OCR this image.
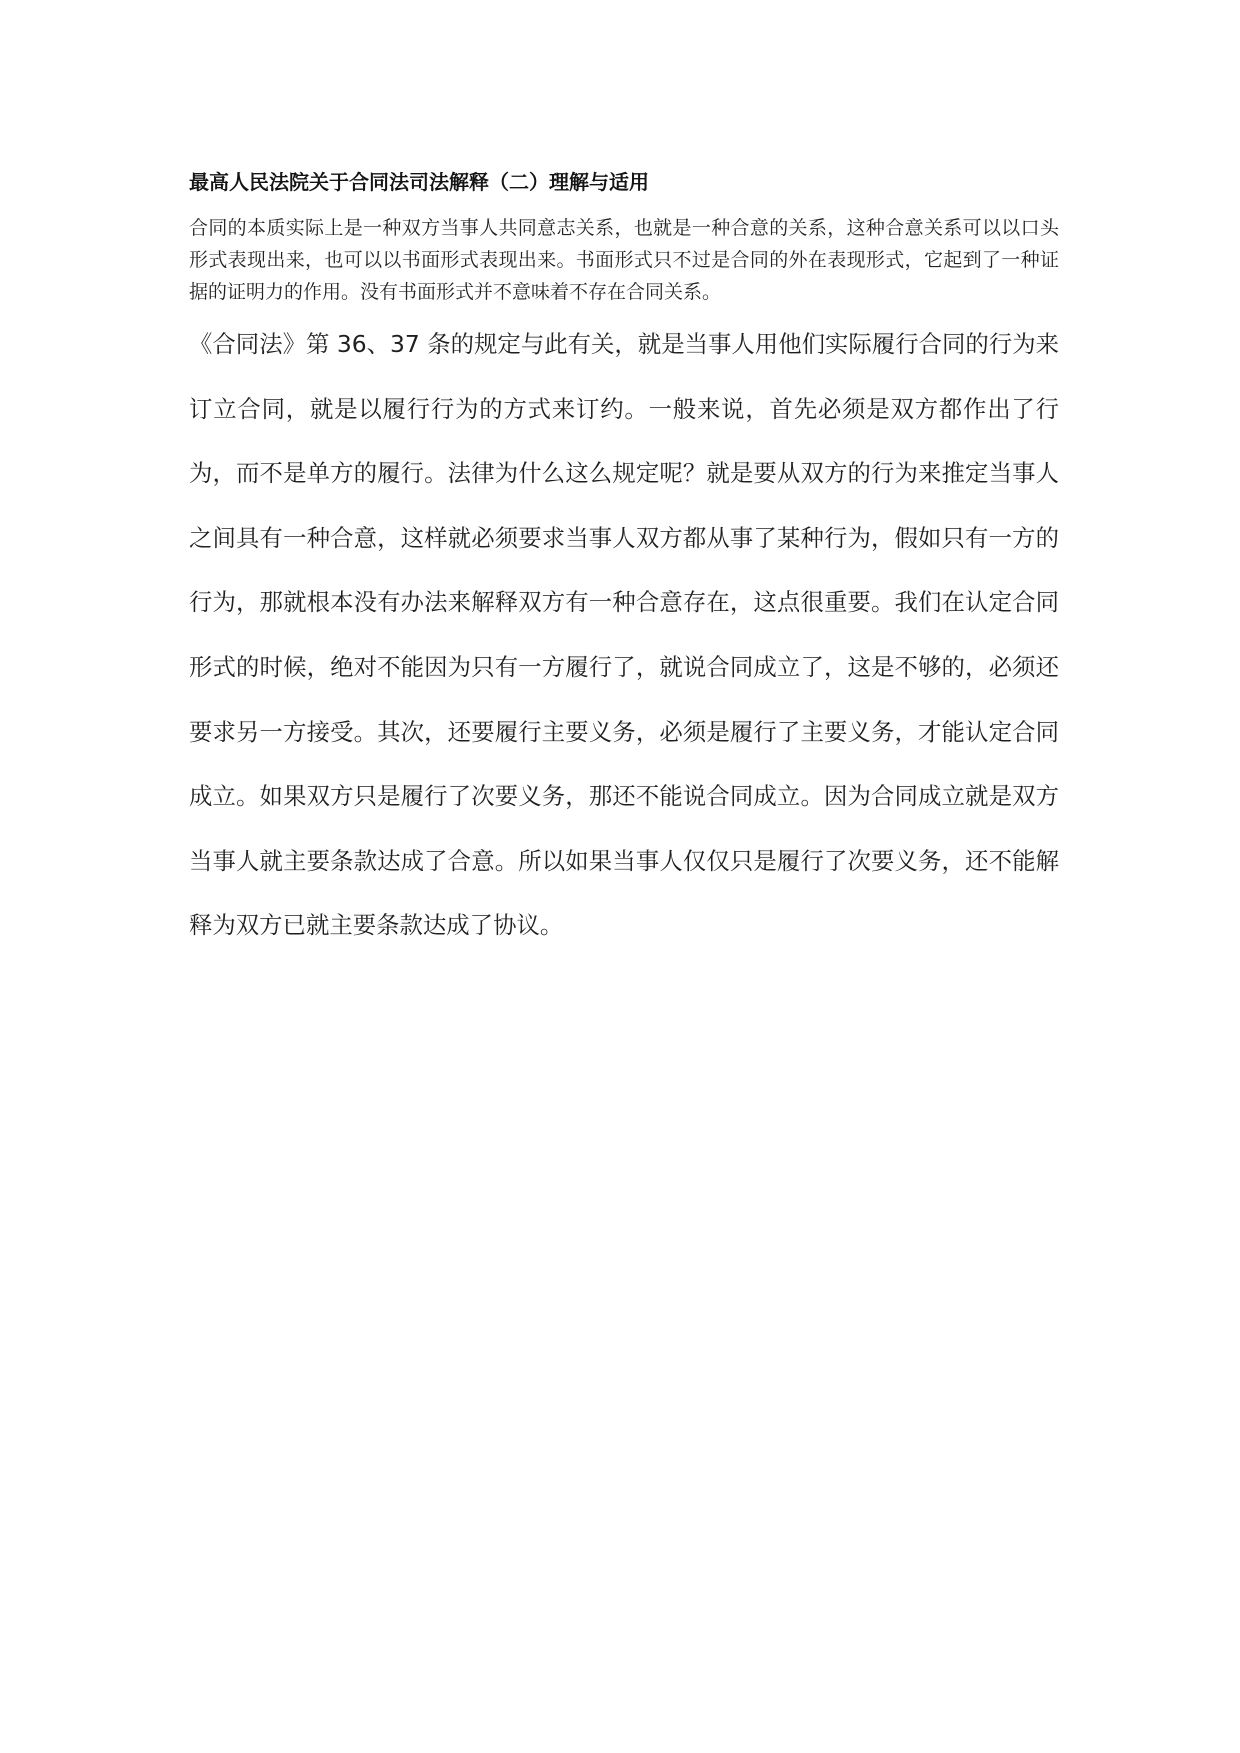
最高人民法院关于合同法司法解释（二）理解与适用

合同的本质实际上是一种双方当事人共同意志关系，也就是一种合意的关系，这种合意关系可以以口头形式表现出来，也可以以书面形式表现出来。书面形式只不过是合同的外在表现形式，它起到了一种证据的证明力的作用。没有书面形式并不意味着不存在合同关系。

《合同法》第 36、37 条的规定与此有关，就是当事人用他们实际履行合同的行为来订立合同，就是以履行行为的方式来订约。一般来说，首先必须是双方都作出了行为，而不是单方的履行。法律为什么这么规定呢？就是要从双方的行为来推定当事人之间具有一种合意，这样就必须要求当事人双方都从事了某种行为，假如只有一方的行为，那就根本没有办法来解释双方有一种合意存在，这点很重要。我们在认定合同形式的时候，绝对不能因为只有一方履行了，就说合同成立了，这是不够的，必须还要求另一方接受。其次，还要履行主要义务，必须是履行了主要义务，才能认定合同成立。如果双方只是履行了次要义务，那还不能说合同成立。因为合同成立就是双方当事人就主要条款达成了合意。所以如果当事人仅仅只是履行了次要义务，还不能解释为双方已就主要条款达成了协议。
